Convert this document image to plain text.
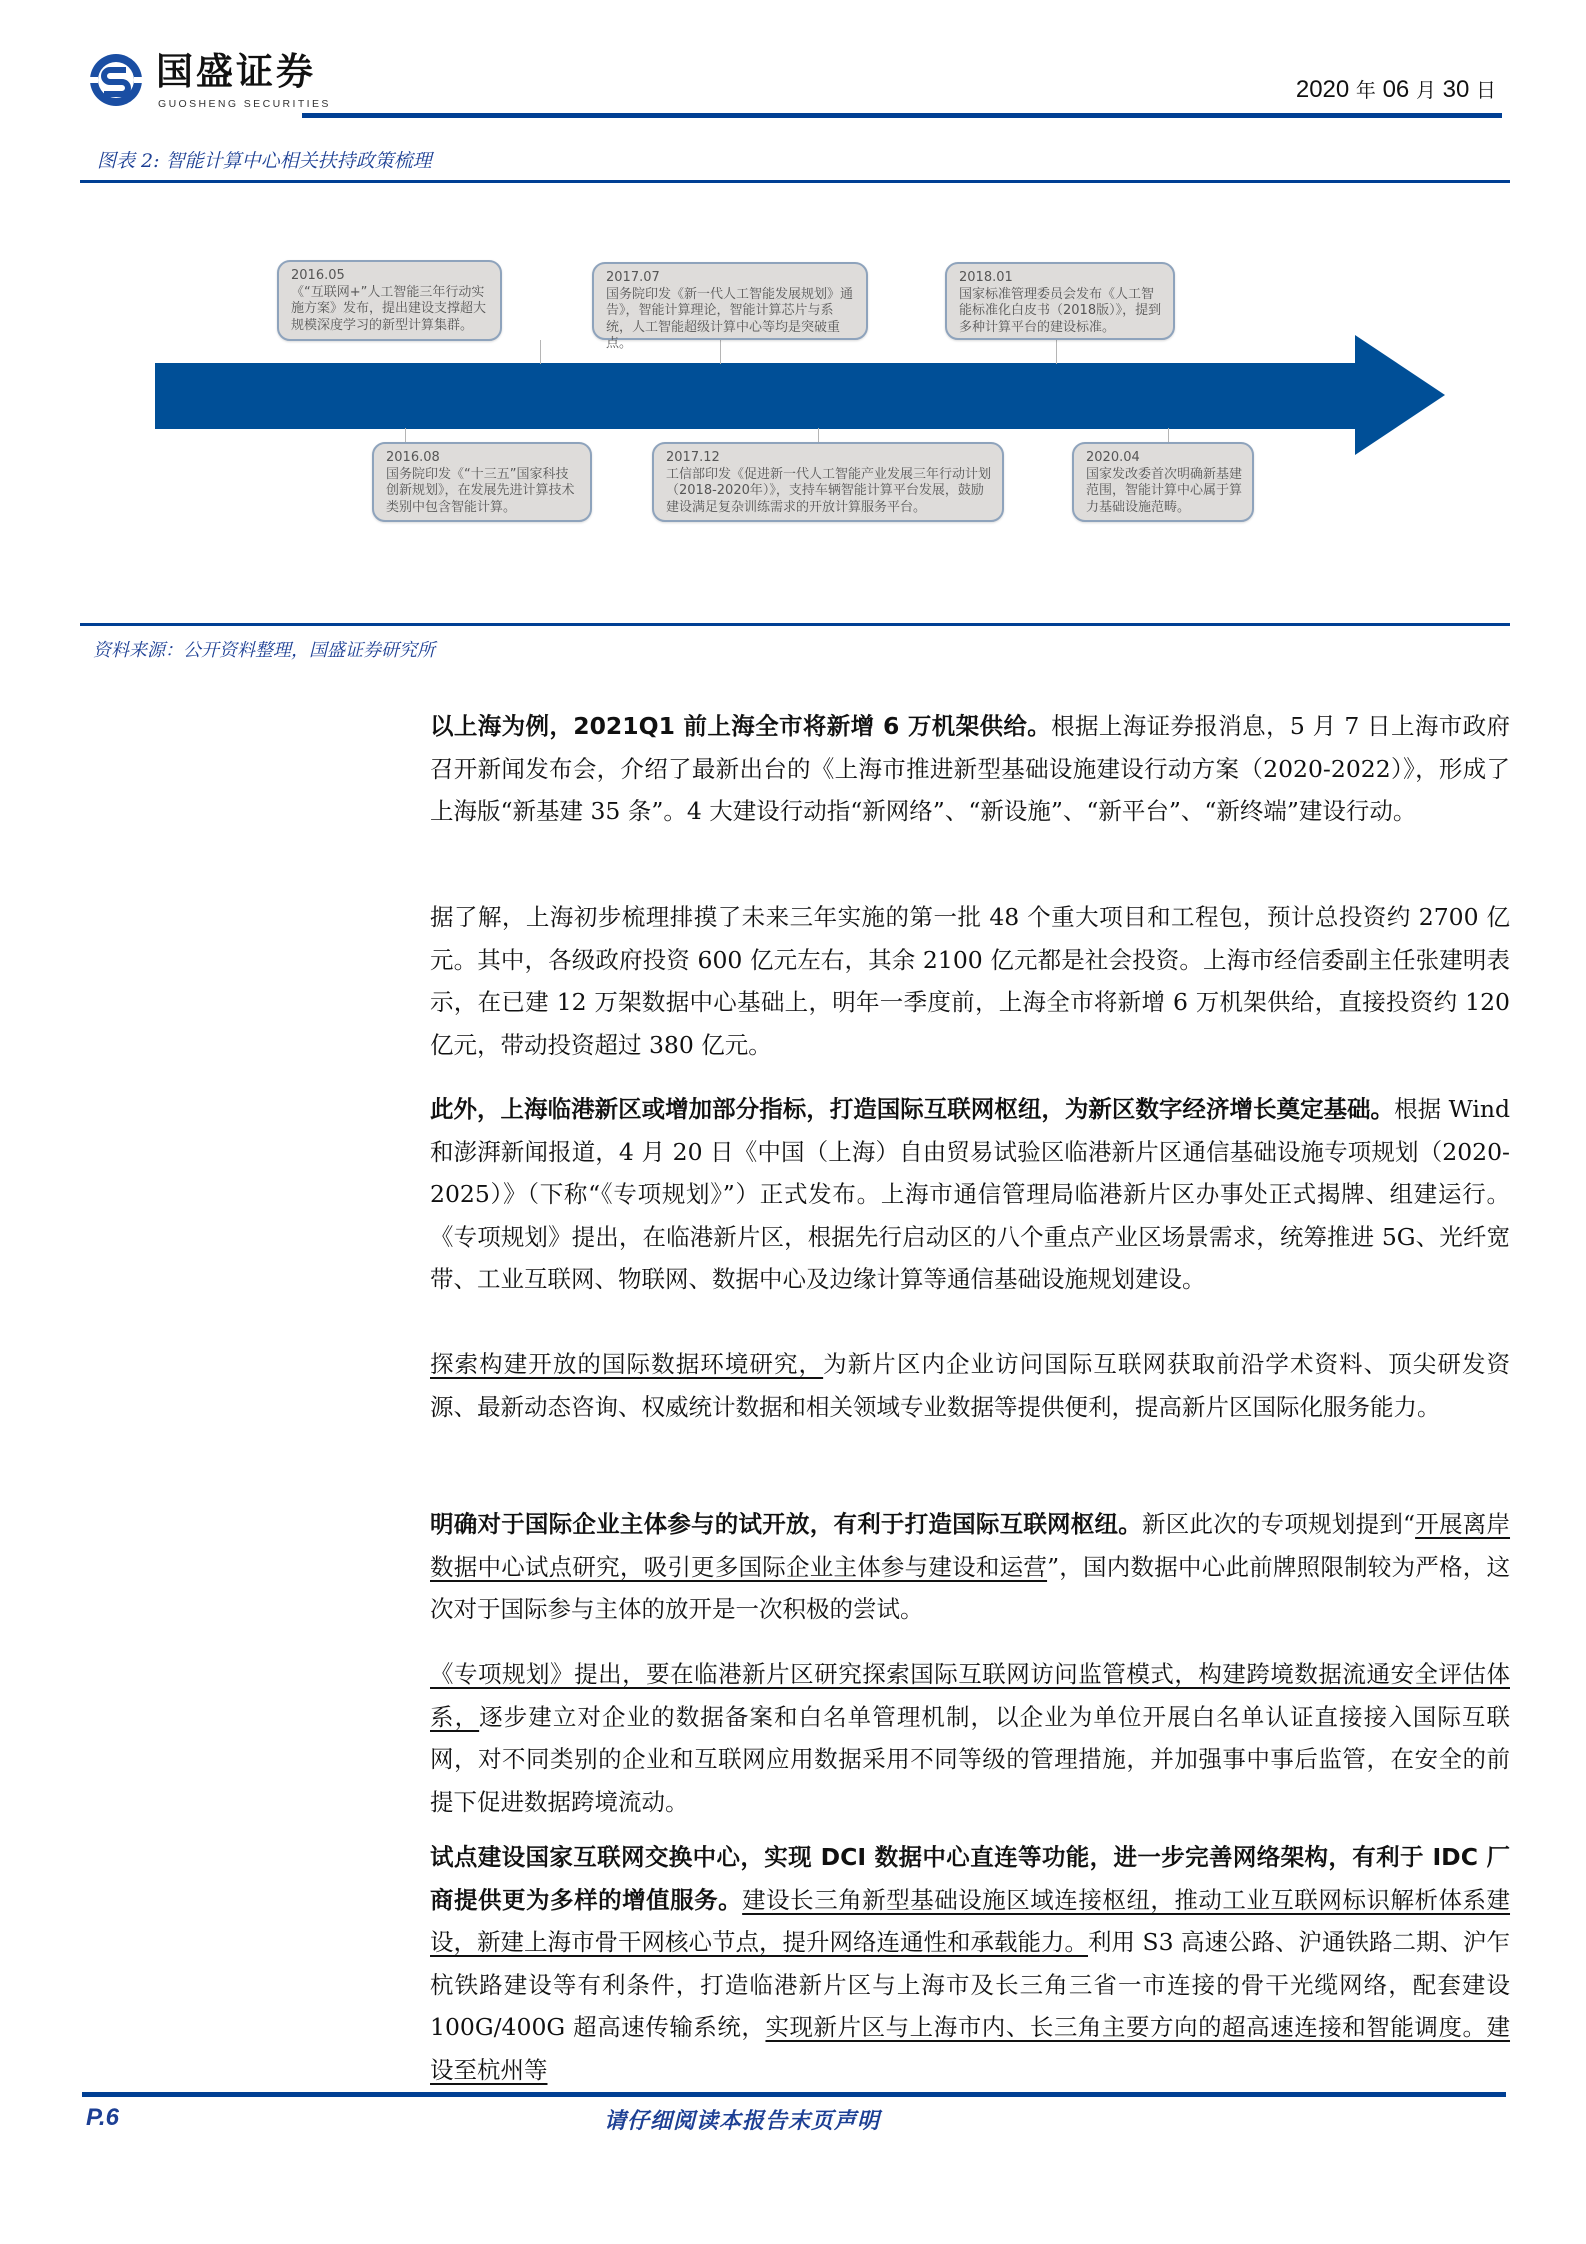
国盛证券
GUOSHENG SECURITIES
2020 年 06 月 30 日
图表 2: 智能计算中心相关扶持政策梳理
2016.05
《“互联网+”人工智能三年行动实施方案》发布，提出建设支撑超大规模深度学习的新型计算集群。
2017.07
国务院印发《新一代人工智能发展规划》通告》，智能计算理论，智能计算芯片与系统，人工智能超级计算中心等均是突破重点。
2018.01
国家标准管理委员会发布《人工智能标准化白皮书（2018版）》，提到多种计算平台的建设标准。
2016.08
国务院印发《“十三五”国家科技创新规划》，在发展先进计算技术类别中包含智能计算。
2017.12
工信部印发《促进新一代人工智能产业发展三年行动计划（2018-2020年）》，支持车辆智能计算平台发展，鼓励建设满足复杂训练需求的开放计算服务平台。
2020.04
国家发改委首次明确新基建范围，智能计算中心属于算力基础设施范畴。
资料来源：公开资料整理，国盛证券研究所

以上海为例，2021Q1 前上海全市将新增 6 万机架供给。根据上海证券报消息，5 月 7 日上海市政府召开新闻发布会，介绍了最新出台的《上海市推进新型基础设施建设行动方案（2020-2022）》，形成了上海版“新基建 35 条”。4 大建设行动指“新网络”、“新设施”、“新平台”、“新终端”建设行动。

据了解，上海初步梳理排摸了未来三年实施的第一批 48 个重大项目和工程包，预计总投资约 2700 亿元。其中，各级政府投资 600 亿元左右，其余 2100 亿元都是社会投资。上海市经信委副主任张建明表示，在已建 12 万架数据中心基础上，明年一季度前，上海全市将新增 6 万机架供给，直接投资约 120 亿元，带动投资超过 380 亿元。

此外，上海临港新区或增加部分指标，打造国际互联网枢纽，为新区数字经济增长奠定基础。根据 Wind 和澎湃新闻报道，4 月 20 日《中国（上海）自由贸易试验区临港新片区通信基础设施专项规划（2020-2025）》（下称“《专项规划》”）正式发布。上海市通信管理局临港新片区办事处正式揭牌、组建运行。《专项规划》提出，在临港新片区，根据先行启动区的八个重点产业区场景需求，统筹推进 5G、光纤宽带、工业互联网、物联网、数据中心及边缘计算等通信基础设施规划建设。

探索构建开放的国际数据环境研究，为新片区内企业访问国际互联网获取前沿学术资料、顶尖研发资源、最新动态咨询、权威统计数据和相关领域专业数据等提供便利，提高新片区国际化服务能力。

明确对于国际企业主体参与的试开放，有利于打造国际互联网枢纽。新区此次的专项规划提到“开展离岸数据中心试点研究，吸引更多国际企业主体参与建设和运营”，国内数据中心此前牌照限制较为严格，这次对于国际参与主体的放开是一次积极的尝试。

《专项规划》提出，要在临港新片区研究探索国际互联网访问监管模式，构建跨境数据流通安全评估体系，逐步建立对企业的数据备案和白名单管理机制，以企业为单位开展白名单认证直接接入国际互联网，对不同类别的企业和互联网应用数据采用不同等级的管理措施，并加强事中事后监管，在安全的前提下促进数据跨境流动。

试点建设国家互联网交换中心，实现 DCI 数据中心直连等功能，进一步完善网络架构，有利于 IDC 厂商提供更为多样的增值服务。建设长三角新型基础设施区域连接枢纽，推动工业互联网标识解析体系建设，新建上海市骨干网核心节点，提升网络连通性和承载能力。利用 S3 高速公路、沪通铁路二期、沪乍杭铁路建设等有利条件，打造临港新片区与上海市及长三角三省一市连接的骨干光缆网络，配套建设 100G/400G 超高速传输系统，实现新片区与上海市内、长三角主要方向的超高速连接和智能调度。建设至杭州等

P.6	请仔细阅读本报告末页声明
